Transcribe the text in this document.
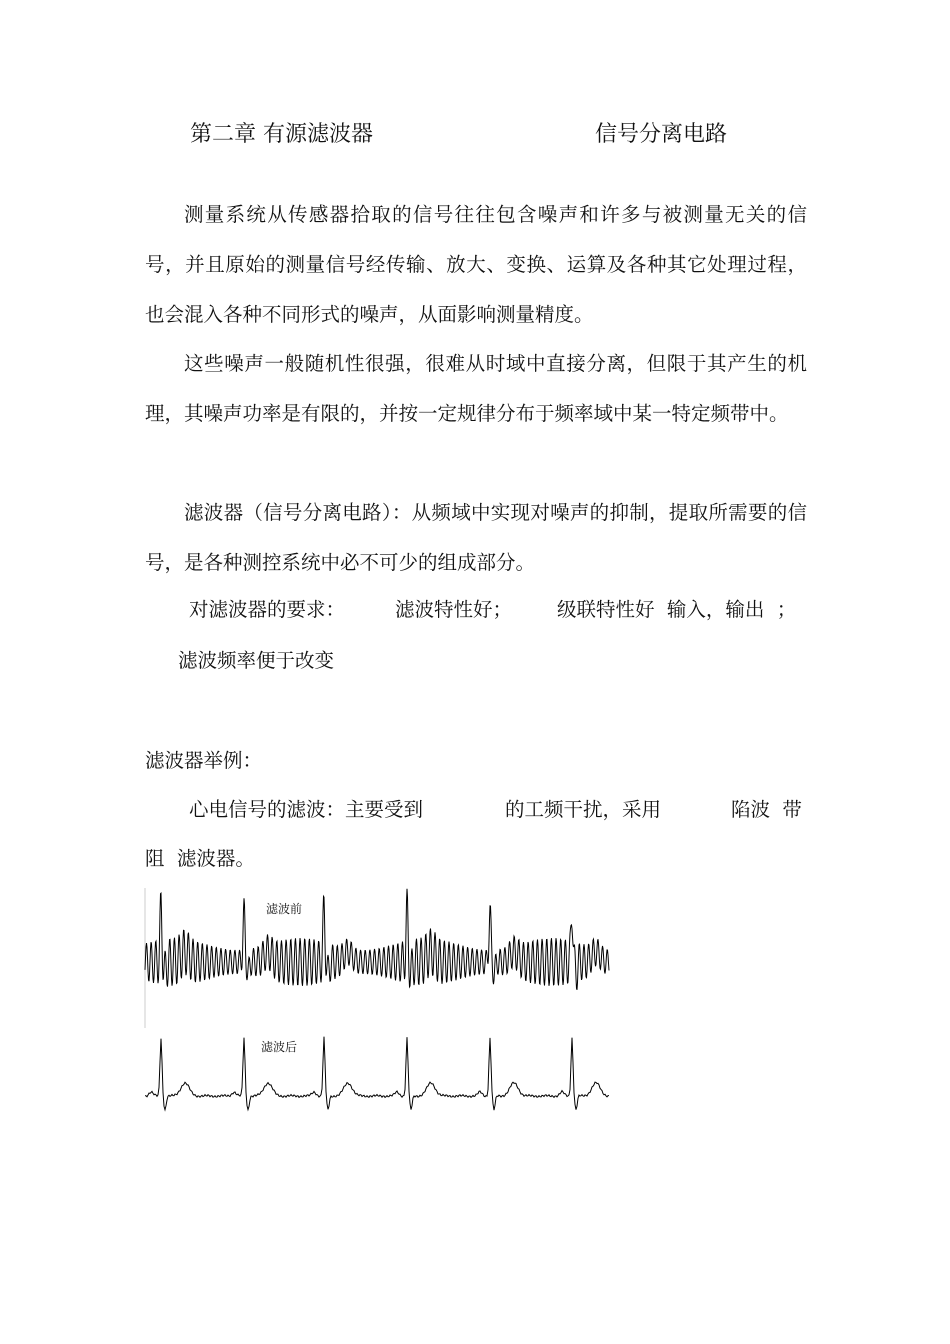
第二章 有源滤波器	信号分离电路

测量系统从传感器拾取的信号往往包含噪声和许多与被测量无关的信号，并且原始的测量信号经传输、放大、变换、运算及各种其它处理过程，也会混入各种不同形式的噪声，从面影响测量精度。

这些噪声一般随机性很强，很难从时域中直接分离，但限于其产生的机理，其噪声功率是有限的，并按一定规律分布于频率域中某一特定频带中。

滤波器（信号分离电路）：从频域中实现对噪声的抑制，提取所需要的信号，是各种测控系统中必不可少的组成部分。

对滤波器的要求：	滤波特性好； 级联特性好  输入，输出  ；
滤波频率便于改变
滤波器举例：
心电信号的滤波：主要受到	的工频干扰，采用	陷波  带
阻  滤波器。
滤波前
滤波后
